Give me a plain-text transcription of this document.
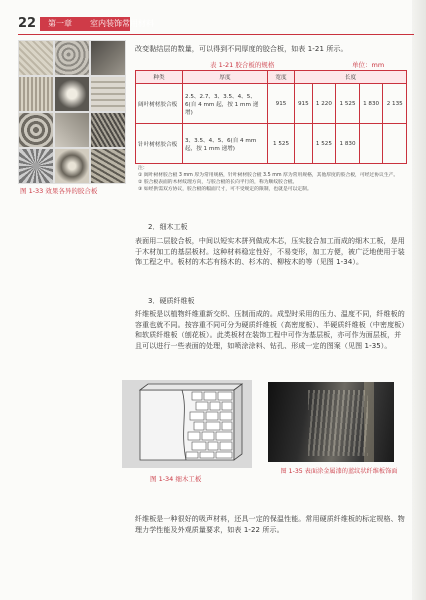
22 第一章 室内装饰常用材料
图 1-33 效果各异的胶合板
改变黏结层的数量，可以得到不同厚度的胶合板，如表 1-21 所示。
表 1-21 胶合板的规格	单位：mm
种类	厚度	宽度	长度				
阔叶树材胶合板	2.5、2.7、3、3.5、4、5、6(自 4 mm 起，按 1 mm 递增)	915	915	1 220	1 525	1 830	2 135
针叶树材胶合板	3、3.5、4、5、6(自 4 mm 起，按 1 mm 递增)	1 525		1 525	1 830		
注：
① 阔叶树材胶合板 3 mm 厚为常用规格，针叶树材胶合板 3.5 mm 厚为常用规格，其他厚度的胶合板，可经过协议生产。
② 胶合板表面的木材纹理方向，与胶合板的长向平行的，称为顺纹胶合板。
③ 如经供需双方协议，胶合板的幅面尺寸，可不受规定的限制，也就是可以定制。
2．细木工板
表面用二层胶合板，中间以短实木拼列做成木芯，压实胶合加工而成的细木工板，是用于木材加工的基层板材。这种材料稳定性好，不易变形，加工方便，被广泛地使用于装饰工程之中。板材的木芯有杨木的、杉木的、柳桉木的等（见图 1-34）。
3．硬质纤维板
纤维板是以植物纤维重新交织、压制而成的。成型时采用的压力、温度不同，纤维板的容重也就不同。按容重不同可分为硬质纤维板（高密度板）、半硬质纤维板（中密度板）和软质纤维板（刨花板）。此类板材在装饰工程中可作为基层板，亦可作为面层板，并且可以进行一些表面的处理，如喷涂涂料、钻孔、形成一定的图案（见图 1-35）。
图 1-34 细木工板
图 1-35 表面涂金属漆的蓝纹状纤维板饰面
纤维板是一种很好的吸声材料，还具一定的保温性能。常用硬质纤维板的标定规格、物理力学性能及外观质量要求，如表 1-22 所示。
